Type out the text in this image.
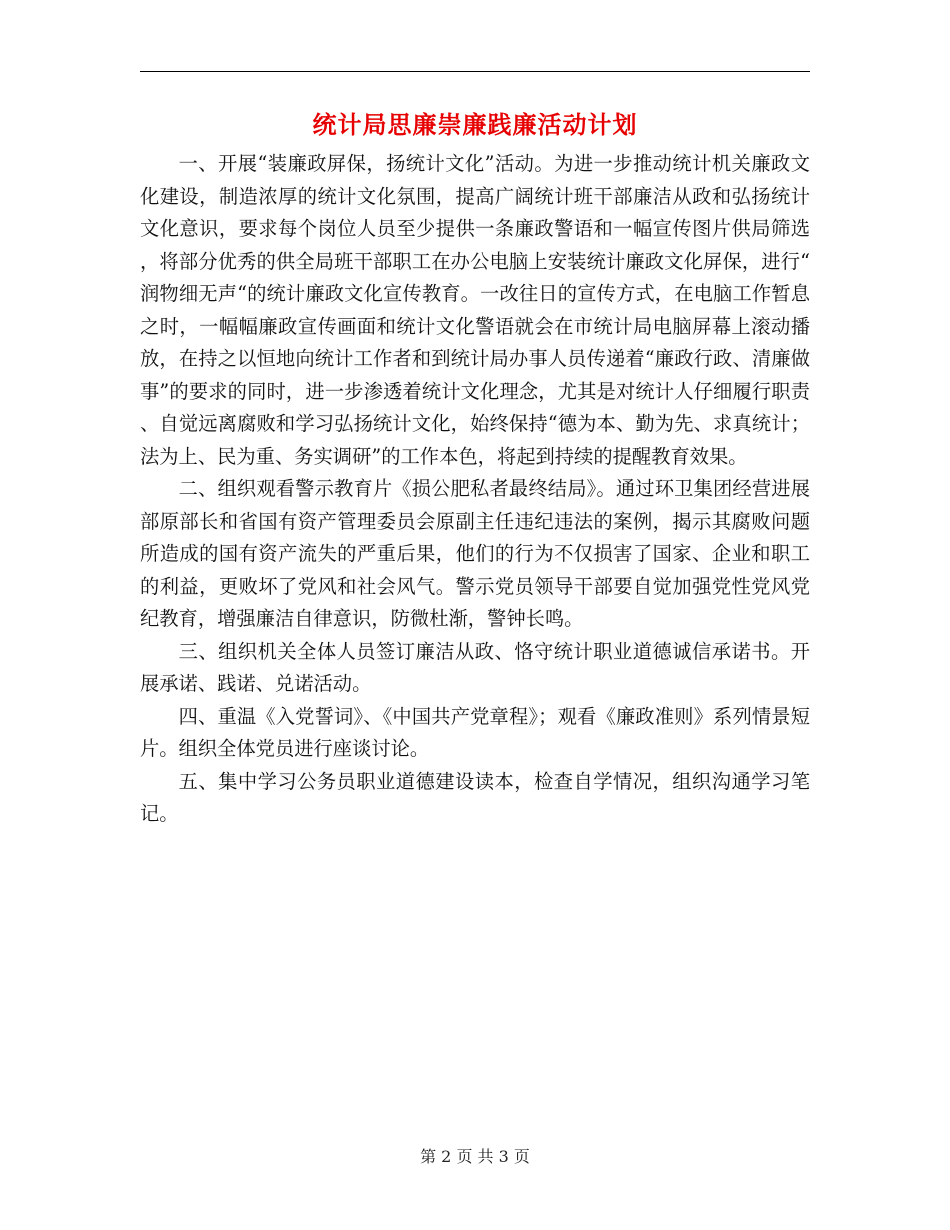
统计局思廉崇廉践廉活动计划

一、开展“装廉政屏保，扬统计文化”活动。为进一步推动统计机关廉政文化建设，制造浓厚的统计文化氛围，提高广阔统计班干部廉洁从政和弘扬统计文化意识，要求每个岗位人员至少提供一条廉政警语和一幅宣传图片供局筛选，将部分优秀的供全局班干部职工在办公电脑上安装统计廉政文化屏保，进行“润物细无声“的统计廉政文化宣传教育。一改往日的宣传方式，在电脑工作暂息之时，一幅幅廉政宣传画面和统计文化警语就会在市统计局电脑屏幕上滚动播放，在持之以恒地向统计工作者和到统计局办事人员传递着“廉政行政、清廉做事”的要求的同时，进一步渗透着统计文化理念，尤其是对统计人仔细履行职责、自觉远离腐败和学习弘扬统计文化，始终保持“德为本、勤为先、求真统计；法为上、民为重、务实调研”的工作本色，将起到持续的提醒教育效果。

二、组织观看警示教育片《损公肥私者最终结局》。通过环卫集团经营进展部原部长和省国有资产管理委员会原副主任违纪违法的案例，揭示其腐败问题所造成的国有资产流失的严重后果，他们的行为不仅损害了国家、企业和职工的利益，更败坏了党风和社会风气。警示党员领导干部要自觉加强党性党风党纪教育，增强廉洁自律意识，防微杜渐，警钟长鸣。

三、组织机关全体人员签订廉洁从政、恪守统计职业道德诚信承诺书。开展承诺、践诺、兑诺活动。

四、重温《入党誓词》、《中国共产党章程》；观看《廉政准则》系列情景短片。组织全体党员进行座谈讨论。

五、集中学习公务员职业道德建设读本，检查自学情况，组织沟通学习笔记。

第 2 页 共 3 页
